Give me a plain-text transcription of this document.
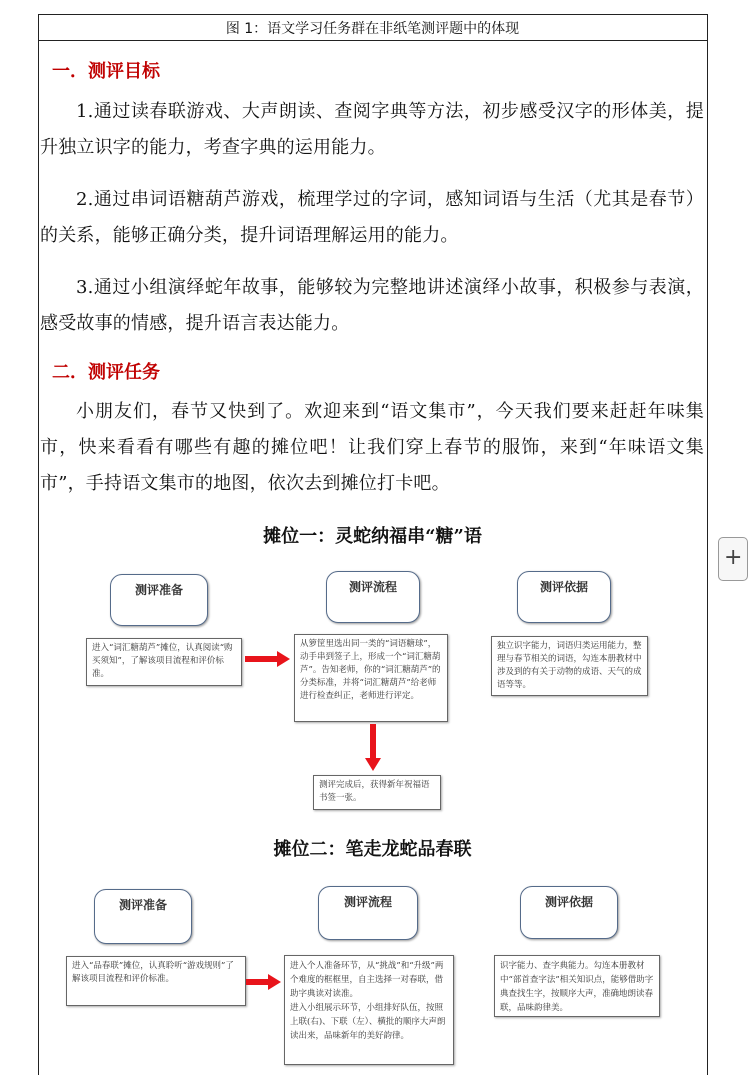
图 1：语文学习任务群在非纸笔测评题中的体现
一．测评目标
1.通过读春联游戏、大声朗读、查阅字典等方法，初步感受汉字的形体美，提升独立识字的能力，考查字典的运用能力。
2.通过串词语糖葫芦游戏，梳理学过的字词，感知词语与生活（尤其是春节）的关系，能够正确分类，提升词语理解运用的能力。
3.通过小组演绎蛇年故事，能够较为完整地讲述演绎小故事，积极参与表演，感受故事的情感，提升语言表达能力。
二．测评任务
小朋友们，春节又快到了。欢迎来到“语文集市”，今天我们要来赶赶年味集市，快来看看有哪些有趣的摊位吧！让我们穿上春节的服饰，来到“年味语文集市”，手持语文集市的地图，依次去到摊位打卡吧。
摊位一：灵蛇纳福串“糖”语
测评准备	测评流程	测评依据
进入“词汇糖葫芦”摊位，认真阅读“购买须知”，了解该项目流程和评价标准。
从箩筐里选出同一类的“词语糖球”，动手串到签子上，形成一个“词汇糖葫芦”。告知老师，你的“词汇糖葫芦”的分类标准，并将“词汇糖葫芦”给老师进行检查纠正，老师进行评定。
独立识字能力，词语归类运用能力，整理与春节相关的词语，勾连本册教材中涉及到的有关于动物的成语、天气的成语等等。
测评完成后，获得新年祝福语书签一张。
摊位二：笔走龙蛇品春联
测评准备	测评流程	测评依据
进入“品春联”摊位，认真聆听“游戏规则”了解该项目流程和评价标准。
进入个人准备环节，从“挑战”和“升级”两个难度的框框里，自主选择一对春联，借助字典读对读准。
进入小组展示环节，小组排好队伍，按照上联(右)、下联（左）、横批的顺序大声朗读出来，品味新年的美好韵律。
识字能力、查字典能力。勾连本册教材中“部首查字法”相关知识点，能够借助字典查找生字，按顺序大声，准确地朗读春联，品味韵律美。
+
